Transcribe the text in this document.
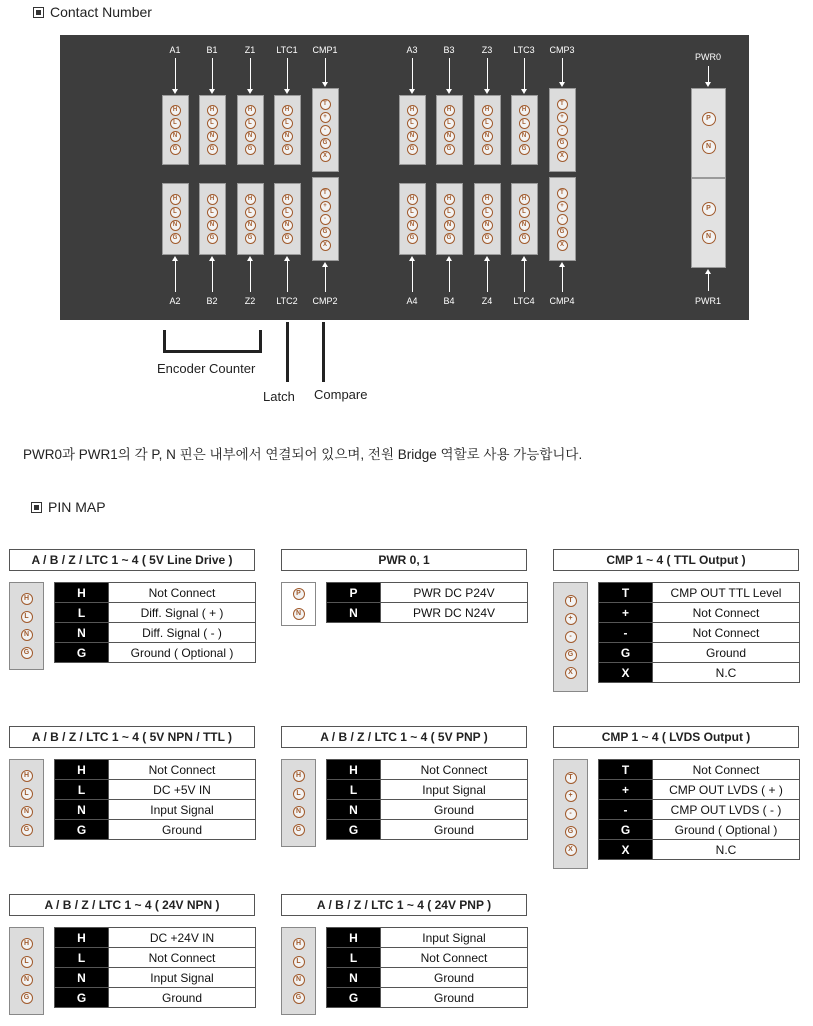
Contact Number
H
L
N
G
H
L
N
G
A1
A2
H
L
N
G
H
L
N
G
B1
B2
H
L
N
G
H
L
N
G
Z1
Z2
H
L
N
G
H
L
N
G
LTC1
LTC2
T
+
-
G
X
T
+
-
G
X
CMP1
CMP2
H
L
N
G
H
L
N
G
A3
A4
H
L
N
G
H
L
N
G
B3
B4
H
L
N
G
H
L
N
G
Z3
Z4
H
L
N
G
H
L
N
G
LTC3
LTC4
T
+
-
G
X
T
+
-
G
X
CMP3
CMP4
P
N
P
N
PWR0
PWR1
Encoder Counter
Latch Compare
PWR0과 PWR1의 각 P, N 핀은 내부에서 연결되어 있으며, 전원 Bridge 역할로 사용 가능합니다.
PIN MAP
A / B / Z / LTC 1 ~ 4 ( 5V Line Drive )
H
L
N
G
H	Not Connect
L	Diff. Signal ( + )
N	Diff. Signal ( - )
G	Ground ( Optional )
PWR 0, 1
P
N
P	PWR DC P24V
N	PWR DC N24V
CMP 1 ~ 4 ( TTL Output )
T
+
-
G
X
T	CMP OUT TTL Level
+	Not Connect
-	Not Connect
G	Ground
X	N.C
A / B / Z / LTC 1 ~ 4 ( 5V NPN / TTL )
H
L
N
G
H	Not Connect
L	DC +5V IN
N	Input Signal
G	Ground
A / B / Z / LTC 1 ~ 4 ( 5V PNP )
H
L
N
G
H	Not Connect
L	Input Signal
N	Ground
G	Ground
CMP 1 ~ 4 ( LVDS Output )
T
+
-
G
X
T	Not Connect
+	CMP OUT LVDS ( + )
-	CMP OUT LVDS ( - )
G	Ground ( Optional )
X	N.C
A / B / Z / LTC 1 ~ 4 ( 24V NPN )
H
L
N
G
H	DC +24V IN
L	Not Connect
N	Input Signal
G	Ground
A / B / Z / LTC 1 ~ 4 ( 24V PNP )
H
L
N
G
H	Input Signal
L	Not Connect
N	Ground
G	Ground
